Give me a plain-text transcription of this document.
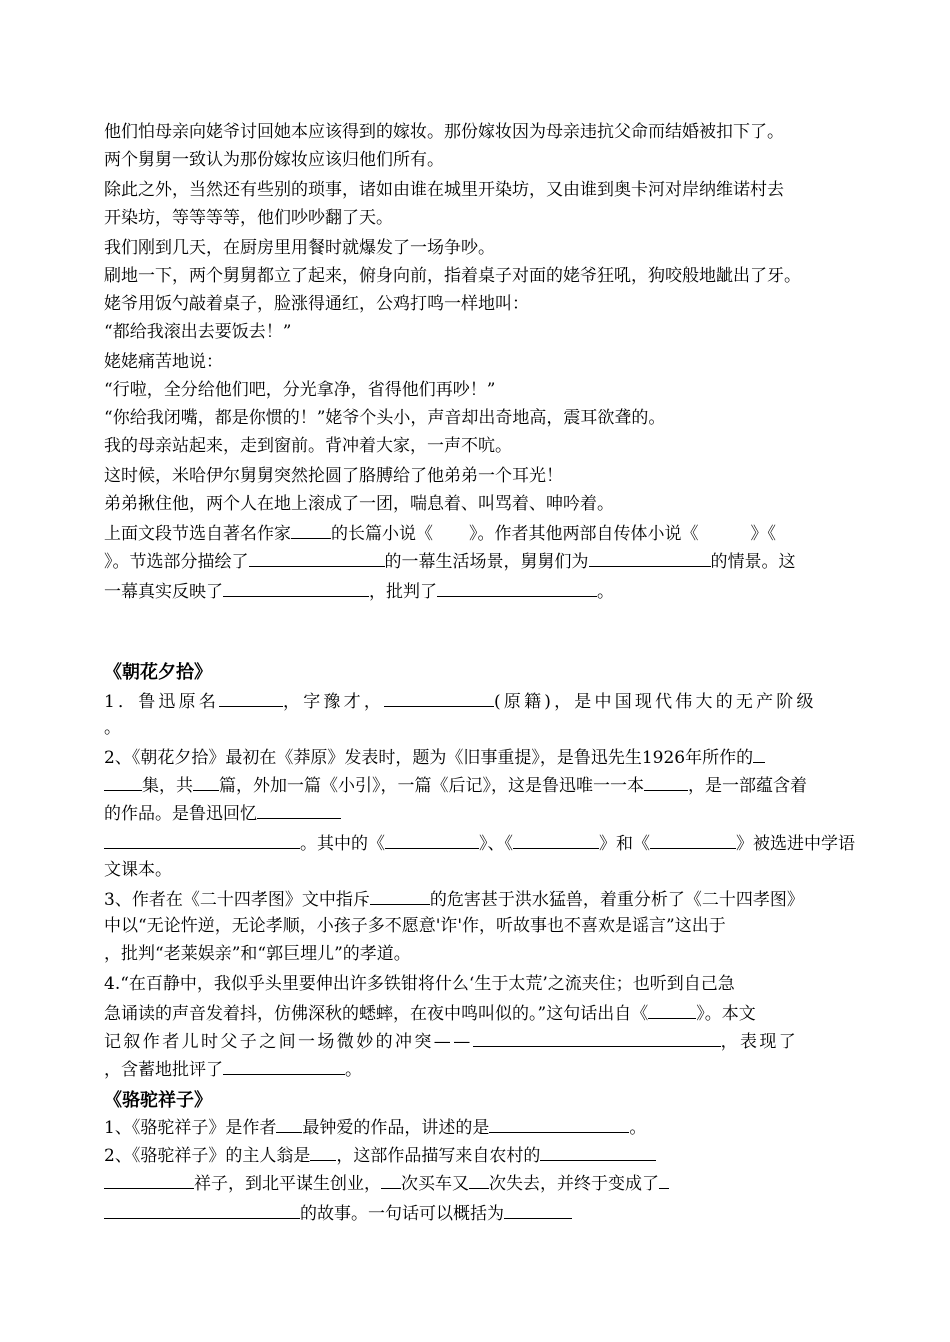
他们怕母亲向姥爷讨回她本应该得到的嫁妆。那份嫁妆因为母亲违抗父命而结婚被扣下了。
两个舅舅一致认为那份嫁妆应该归他们所有。
除此之外，当然还有些别的琐事，诸如由谁在城里开染坊，又由谁到奥卡河对岸纳维诺村去
开染坊，等等等等，他们吵吵翻了天。
我们刚到几天，在厨房里用餐时就爆发了一场争吵。
刷地一下，两个舅舅都立了起来，俯身向前，指着桌子对面的姥爷狂吼，狗咬般地龇出了牙。
姥爷用饭勺敲着桌子，脸涨得通红，公鸡打鸣一样地叫：
“都给我滚出去要饭去！”
姥姥痛苦地说：
“行啦，全分给他们吧，分光拿净，省得他们再吵！”
“你给我闭嘴，都是你惯的！”姥爷个头小，声音却出奇地高，震耳欲聋的。
我的母亲站起来，走到窗前。背冲着大家，一声不吭。
这时候，米哈伊尔舅舅突然抡圆了胳膊给了他弟弟一个耳光！
弟弟揪住他，两个人在地上滚成了一团，喘息着、叫骂着、呻吟着。
上面文段节选自著名作家 的长篇小说《 》。作者其他两部自传体小说《	》《
》。节选部分描绘了	的一幕生活场景，舅舅们为	的情景。这
一幕真实反映了	，批判了	。
《朝花夕拾》
1．鲁迅原名	，字豫才，	(原籍)，是中国现代伟大的无产阶级
。
2、《朝花夕拾》最初在《莽原》发表时，题为《旧事重提》，是鲁迅先生1926年所作的
集，共 篇，外加一篇《小引》，一篇《后记》，这是鲁迅唯一一本	，是一部蕴含着
的作品。是鲁迅回忆
。其中的《	》、《	》和《	》被选进中学语
文课本。
3、作者在《二十四孝图》文中指斥	的危害甚于洪水猛兽，着重分析了《二十四孝图》
中以“无论忤逆，无论孝顺，小孩子多不愿意'诈'作，听故事也不喜欢是谣言”这出于
，批判“老莱娱亲”和“郭巨埋儿”的孝道。
4.“在百静中，我似乎头里要伸出许多铁钳将什么‘生于太荒’之流夹住；也听到自己急
急诵读的声音发着抖，仿佛深秋的蟋蟀，在夜中鸣叫似的。”这句话出自《	》。本文
记叙作者儿时父子之间一场微妙的冲突——	，表现了
，含蓄地批评了	。
《骆驼祥子》
1、《骆驼祥子》是作者 最钟爱的作品，讲述的是	。
2、《骆驼祥子》的主人翁是 ，这部作品描写来自农村的
祥子，到北平谋生创业， 次买车又 次失去，并终于变成了
的故事。一句话可以概括为
